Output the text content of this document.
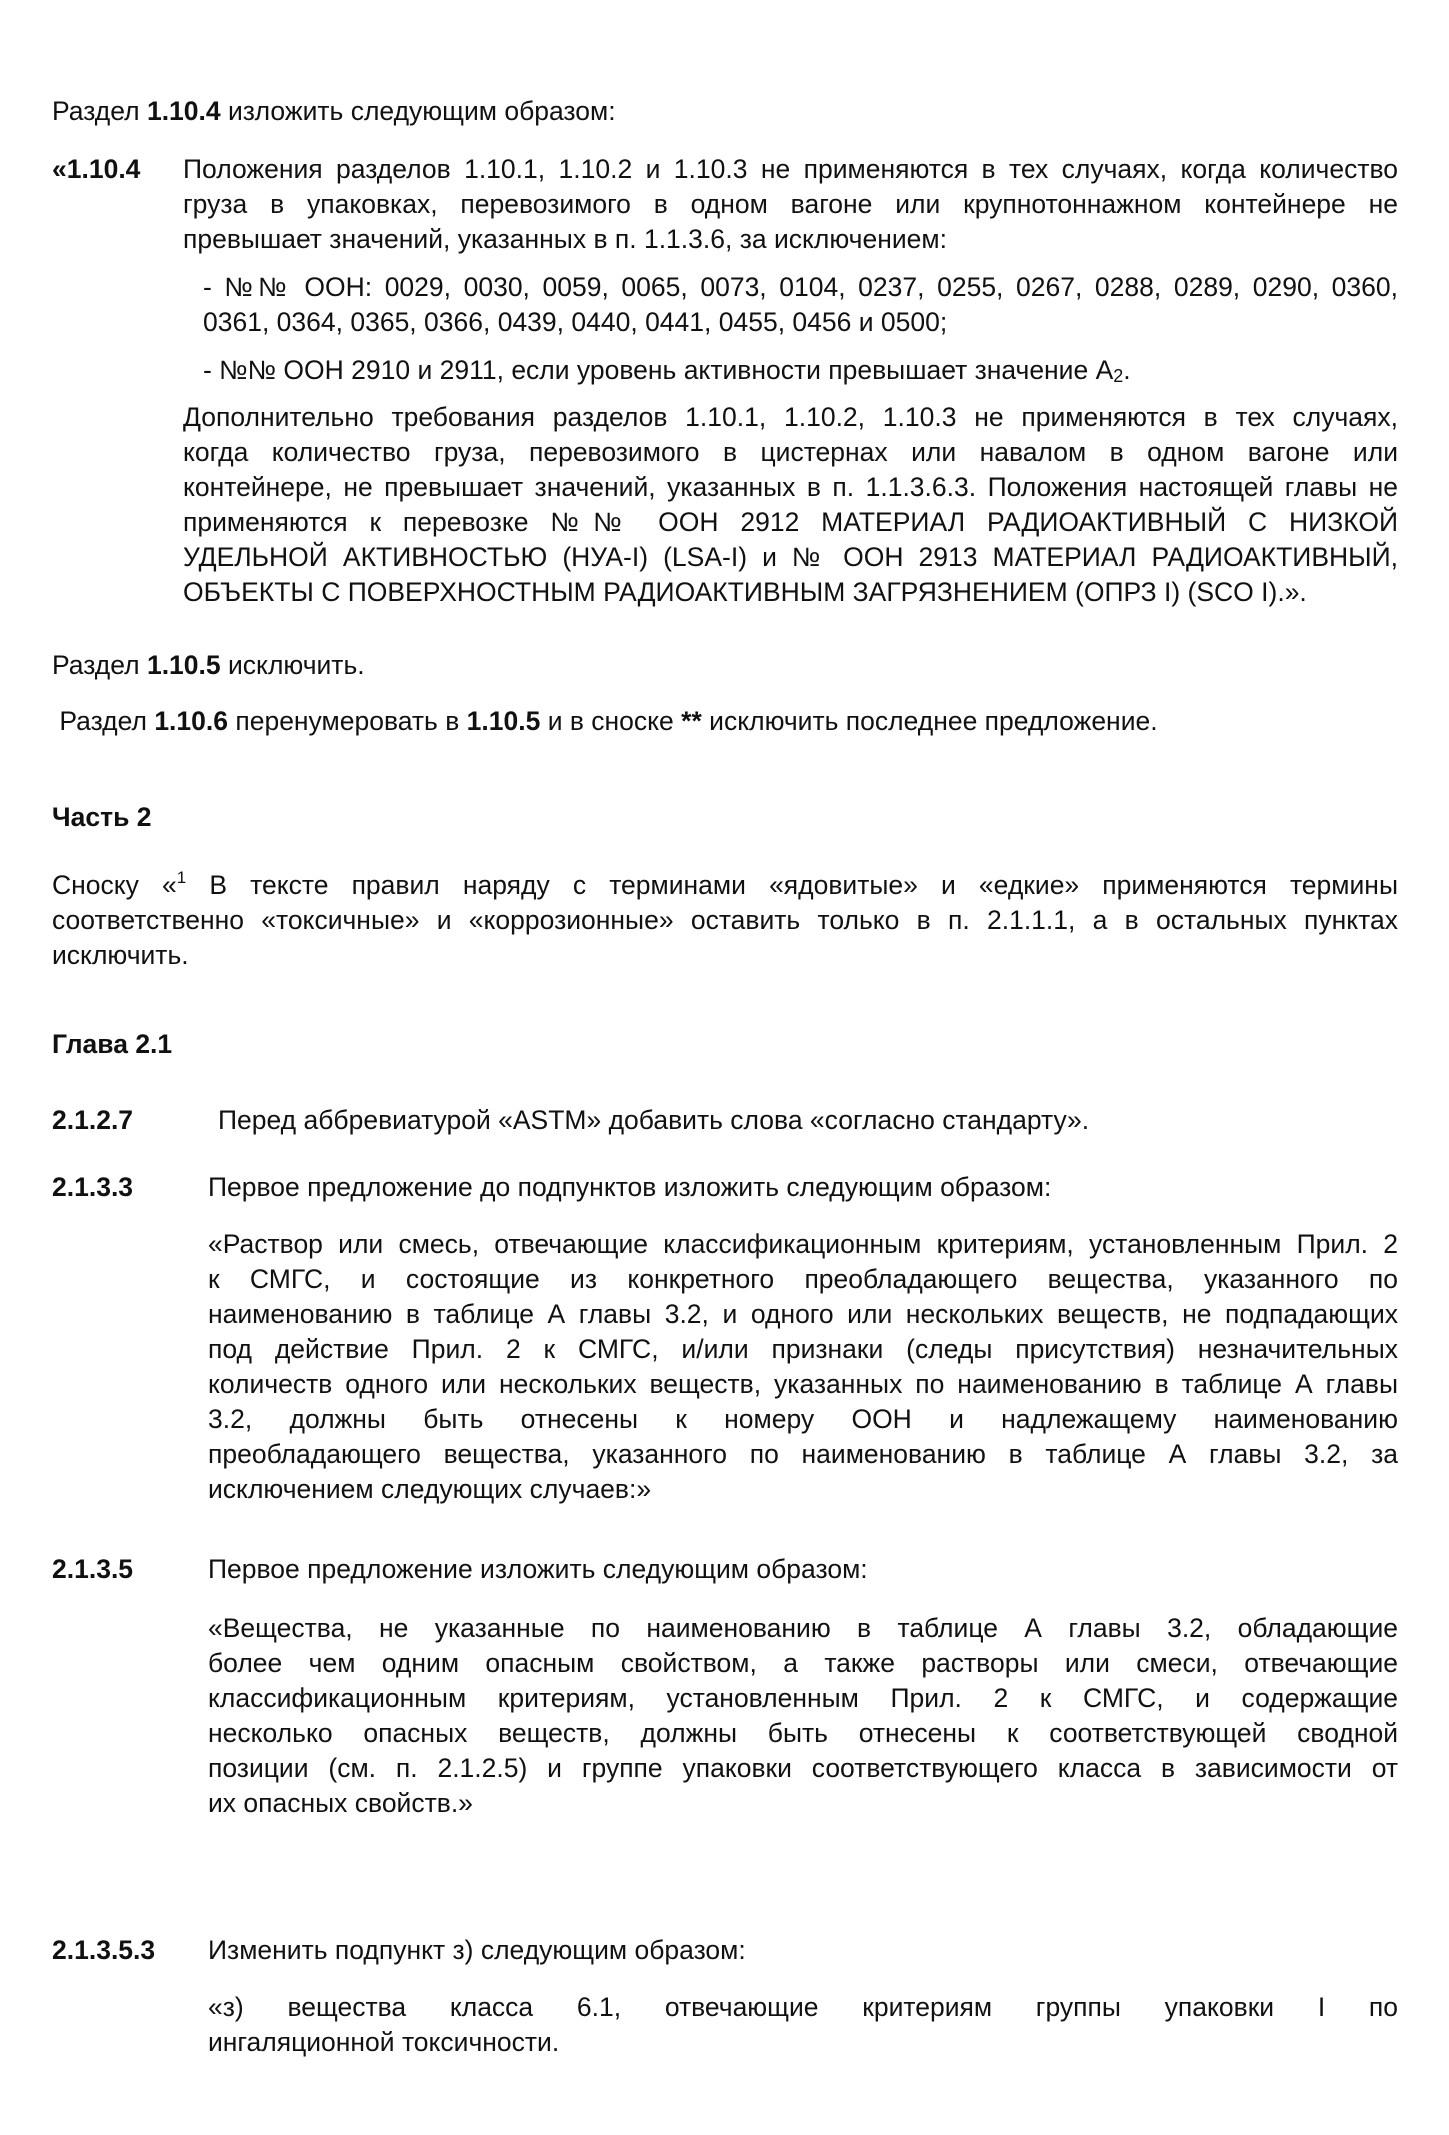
Раздел 1.10.4 изложить следующим образом:

«1.10.4 Положения разделов 1.10.1, 1.10.2 и 1.10.3 не применяются в тех случаях, когда количество
груза в упаковках, перевозимого в одном вагоне или крупнотоннажном контейнере не
превышает значений, указанных в п. 1.1.3.6, за исключением:
- №№ ООН: 0029, 0030, 0059, 0065, 0073, 0104, 0237, 0255, 0267, 0288, 0289, 0290, 0360,
0361, 0364, 0365, 0366, 0439, 0440, 0441, 0455, 0456 и 0500;
- №№ ООН 2910 и 2911, если уровень активности превышает значение A2.
Дополнительно требования разделов 1.10.1, 1.10.2, 1.10.3 не применяются в тех случаях,
когда количество груза, перевозимого в цистернах или навалом в одном вагоне или
контейнере, не превышает значений, указанных в п. 1.1.3.6.3. Положения настоящей главы не
применяются к перевозке №№ ООН 2912 МАТЕРИАЛ РАДИОАКТИВНЫЙ С НИЗКОЙ
УДЕЛЬНОЙ АКТИВНОСТЬЮ (НУА-I) (LSA-I) и № ООН 2913 МАТЕРИАЛ РАДИОАКТИВНЫЙ,
ОБЪЕКТЫ С ПОВЕРХНОСТНЫМ РАДИОАКТИВНЫМ ЗАГРЯЗНЕНИЕМ (ОПРЗ I) (SCO I).».

Раздел 1.10.5 исключить.

Раздел 1.10.6 перенумеровать в 1.10.5 и в сноске ** исключить последнее предложение.

Часть 2
Сноску «$^1$ В тексте правил наряду с терминами «ядовитые» и «едкие» применяются термины
соответственно «токсичные» и «коррозионные» оставить только в п. 2.1.1.1, а в остальных пунктах
исключить.
Глава 2.1
2.1.2.7	Перед аббревиатурой «ASTM» добавить слова «согласно стандарту».
2.1.3.3	Первое предложение до подпунктов изложить следующим образом:
«Раствор или смесь, отвечающие классификационным критериям, установленным Прил. 2
к СМГС, и состоящие из конкретного преобладающего вещества, указанного по
наименованию в таблице А главы 3.2, и одного или нескольких веществ, не подпадающих
под действие Прил. 2 к СМГС, и/или признаки (следы присутствия) незначительных
количеств одного или нескольких веществ, указанных по наименованию в таблице А главы
3.2, должны быть отнесены к номеру ООН и надлежащему наименованию
преобладающего вещества, указанного по наименованию в таблице А главы 3.2, за
исключением следующих случаев:»
2.1.3.5	Первое предложение изложить следующим образом:
«Вещества, не указанные по наименованию в таблице А главы 3.2, обладающие
более чем одним опасным свойством, а также растворы или смеси, отвечающие
классификационным критериям, установленным Прил. 2 к СМГС, и содержащие
несколько опасных веществ, должны быть отнесены к соответствующей сводной
позиции (см. п. 2.1.2.5) и группе упаковки соответствующего класса в зависимости от
их опасных свойств.»
2.1.3.5.3 Изменить подпункт з) следующим образом:
«з) вещества класса 6.1, отвечающие критериям группы упаковки I по
ингаляционной токсичности.
